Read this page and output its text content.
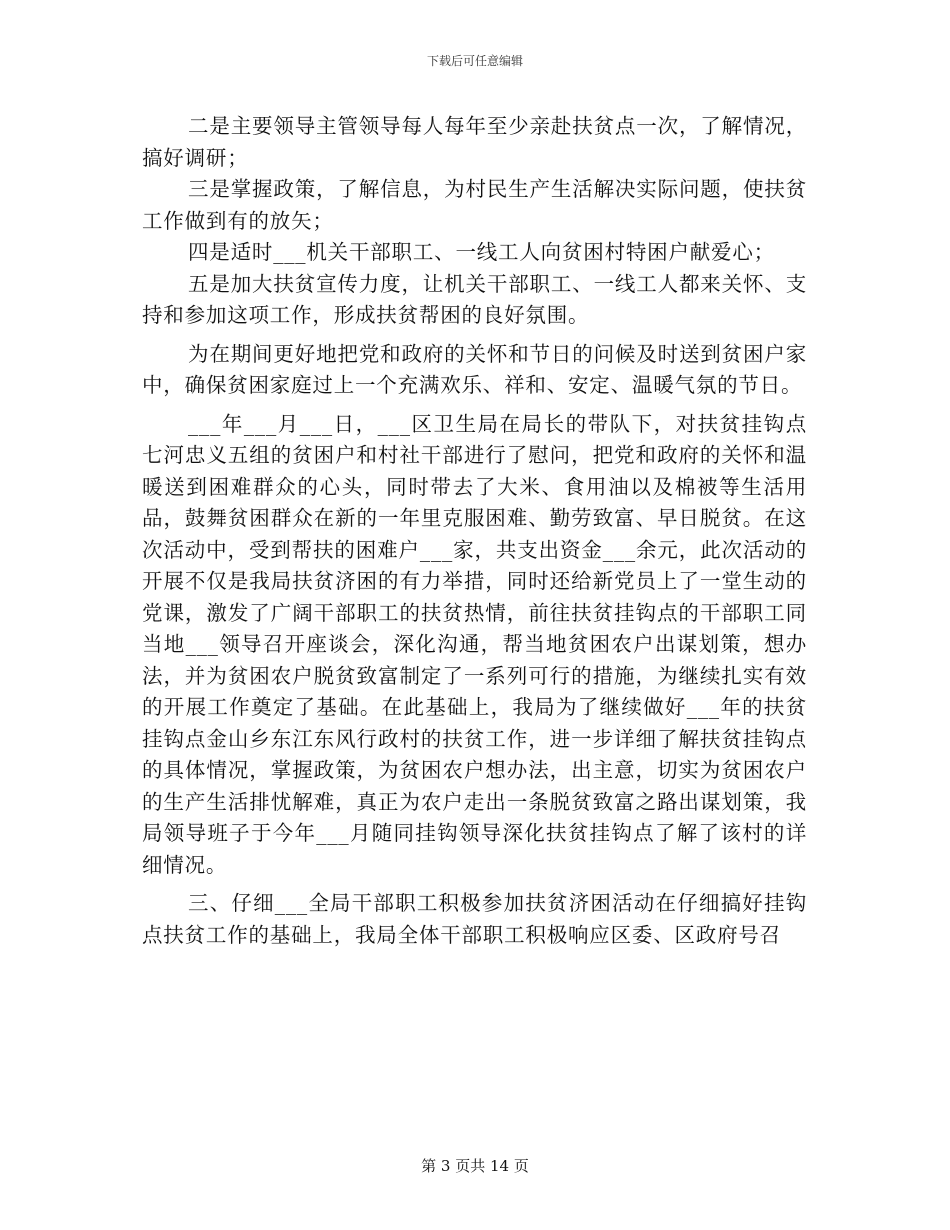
下载后可任意编辑

二是主要领导主管领导每人每年至少亲赴扶贫点一次，了解情况，搞好调研；

三是掌握政策，了解信息，为村民生产生活解决实际问题，使扶贫工作做到有的放矢；

四是适时___机关干部职工、一线工人向贫困村特困户献爱心；

五是加大扶贫宣传力度，让机关干部职工、一线工人都来关怀、支持和参加这项工作，形成扶贫帮困的良好氛围。

为在期间更好地把党和政府的关怀和节日的问候及时送到贫困户家中，确保贫困家庭过上一个充满欢乐、祥和、安定、温暖气氛的节日。

___年___月___日，___区卫生局在局长的带队下，对扶贫挂钩点七河忠义五组的贫困户和村社干部进行了慰问，把党和政府的关怀和温暖送到困难群众的心头，同时带去了大米、食用油以及棉被等生活用品，鼓舞贫困群众在新的一年里克服困难、勤劳致富、早日脱贫。在这次活动中，受到帮扶的困难户___家，共支出资金___余元，此次活动的开展不仅是我局扶贫济困的有力举措，同时还给新党员上了一堂生动的党课，激发了广阔干部职工的扶贫热情，前往扶贫挂钩点的干部职工同当地___领导召开座谈会，深化沟通，帮当地贫困农户出谋划策，想办法，并为贫困农户脱贫致富制定了一系列可行的措施，为继续扎实有效的开展工作奠定了基础。在此基础上，我局为了继续做好___年的扶贫挂钩点金山乡东江东风行政村的扶贫工作，进一步详细了解扶贫挂钩点的具体情况，掌握政策，为贫困农户想办法，出主意，切实为贫困农户的生产生活排忧解难，真正为农户走出一条脱贫致富之路出谋划策，我局领导班子于今年___月随同挂钩领导深化扶贫挂钩点了解了该村的详细情况。

三、仔细___全局干部职工积极参加扶贫济困活动在仔细搞好挂钩点扶贫工作的基础上，我局全体干部职工积极响应区委、区政府号召

第 3 页共 14 页
